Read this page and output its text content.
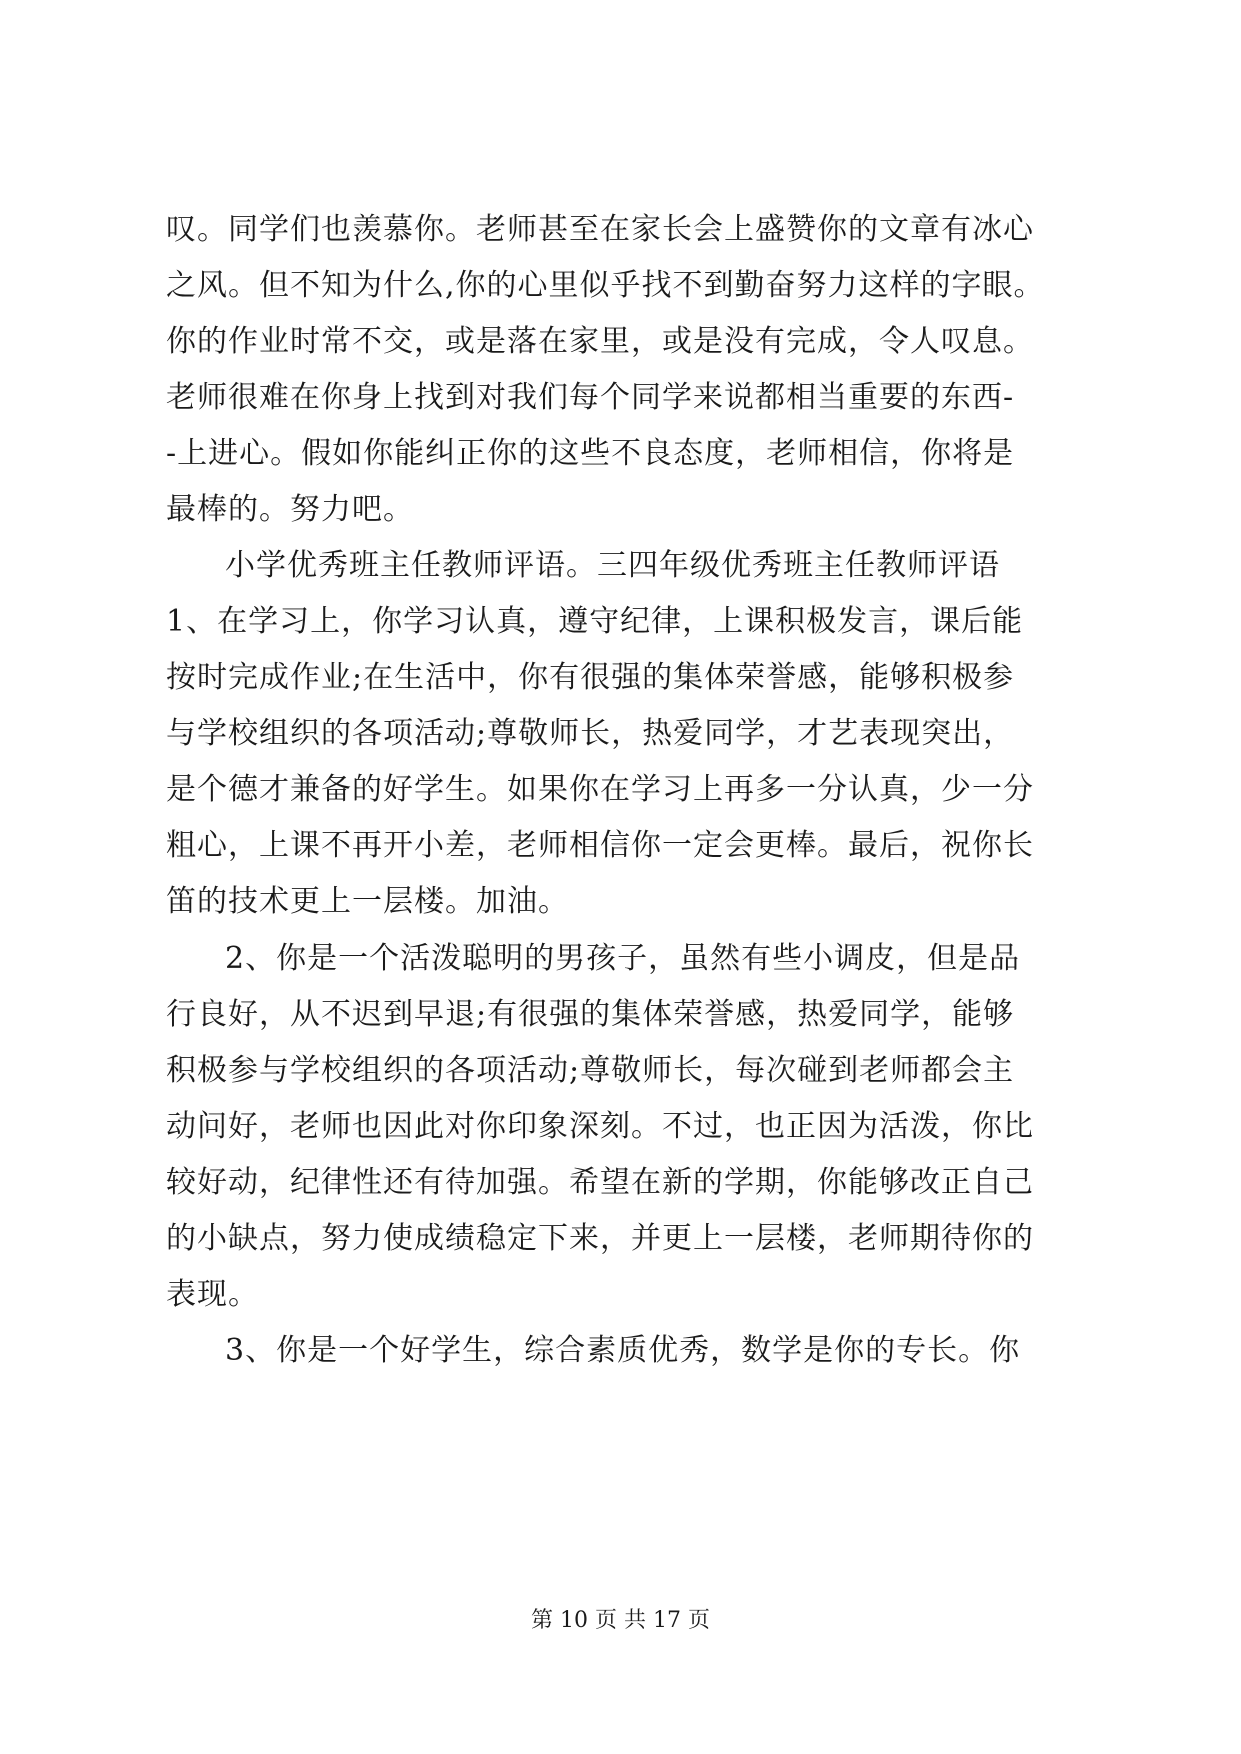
叹。同学们也羡慕你。老师甚至在家长会上盛赞你的文章有冰心
之风。但不知为什么,你的心里似乎找不到勤奋努力这样的字眼。
你的作业时常不交，或是落在家里，或是没有完成，令人叹息。
老师很难在你身上找到对我们每个同学来说都相当重要的东西-
-上进心。假如你能纠正你的这些不良态度，老师相信，你将是
最棒的。努力吧。
小学优秀班主任教师评语。三四年级优秀班主任教师评语
1、在学习上，你学习认真，遵守纪律，上课积极发言，课后能
按时完成作业;在生活中，你有很强的集体荣誉感，能够积极参
与学校组织的各项活动;尊敬师长，热爱同学，才艺表现突出，
是个德才兼备的好学生。如果你在学习上再多一分认真，少一分
粗心，上课不再开小差，老师相信你一定会更棒。最后，祝你长
笛的技术更上一层楼。加油。
2、你是一个活泼聪明的男孩子，虽然有些小调皮，但是品
行良好，从不迟到早退;有很强的集体荣誉感，热爱同学，能够
积极参与学校组织的各项活动;尊敬师长，每次碰到老师都会主
动问好，老师也因此对你印象深刻。不过，也正因为活泼，你比
较好动，纪律性还有待加强。希望在新的学期，你能够改正自己
的小缺点，努力使成绩稳定下来，并更上一层楼，老师期待你的
表现。
3、你是一个好学生，综合素质优秀，数学是你的专长。你
第 10 页 共 17 页
